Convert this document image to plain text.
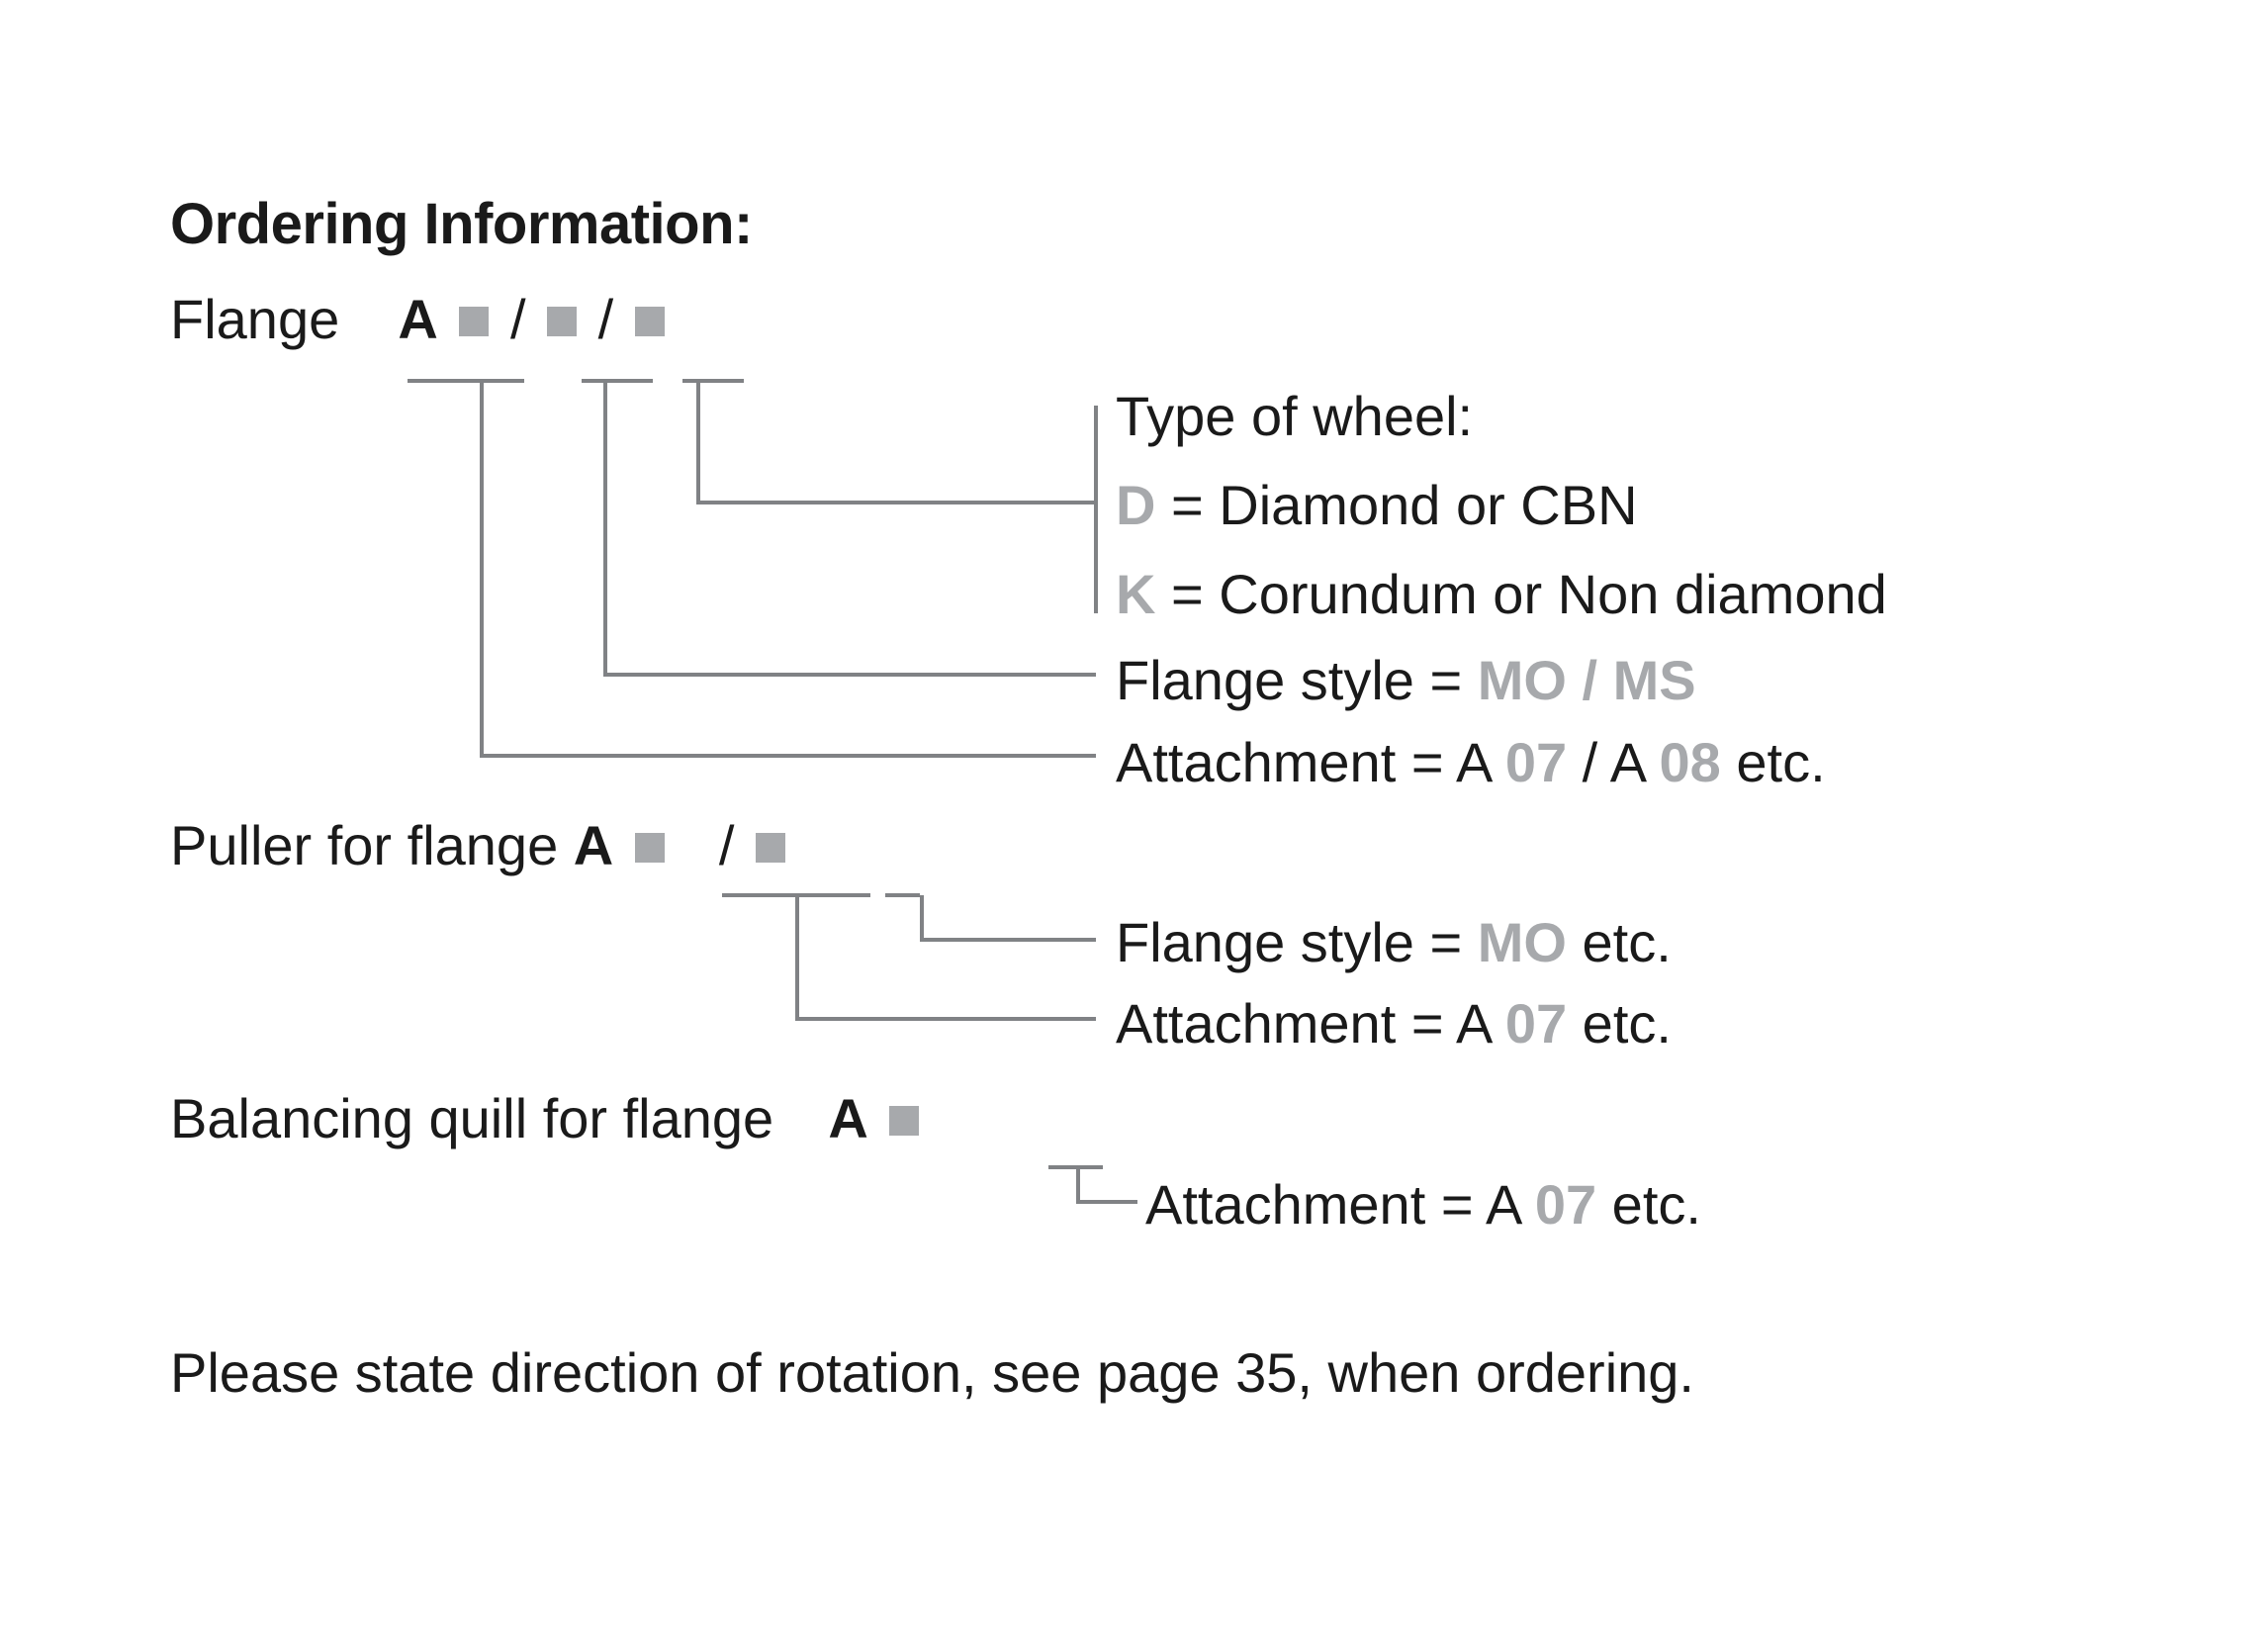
Ordering Information:
Flange A / /
Type of wheel:
D = Diamond or CBN
K = Corundum or Non diamond
Flange style = MO / MS
Attachment = A 07 / A 08 etc.
Puller for flange A /
Flange style = MO etc.
Attachment = A 07 etc.
Balancing quill for flange A
Attachment = A 07 etc.
Please state direction of rotation, see page 35, when ordering.
